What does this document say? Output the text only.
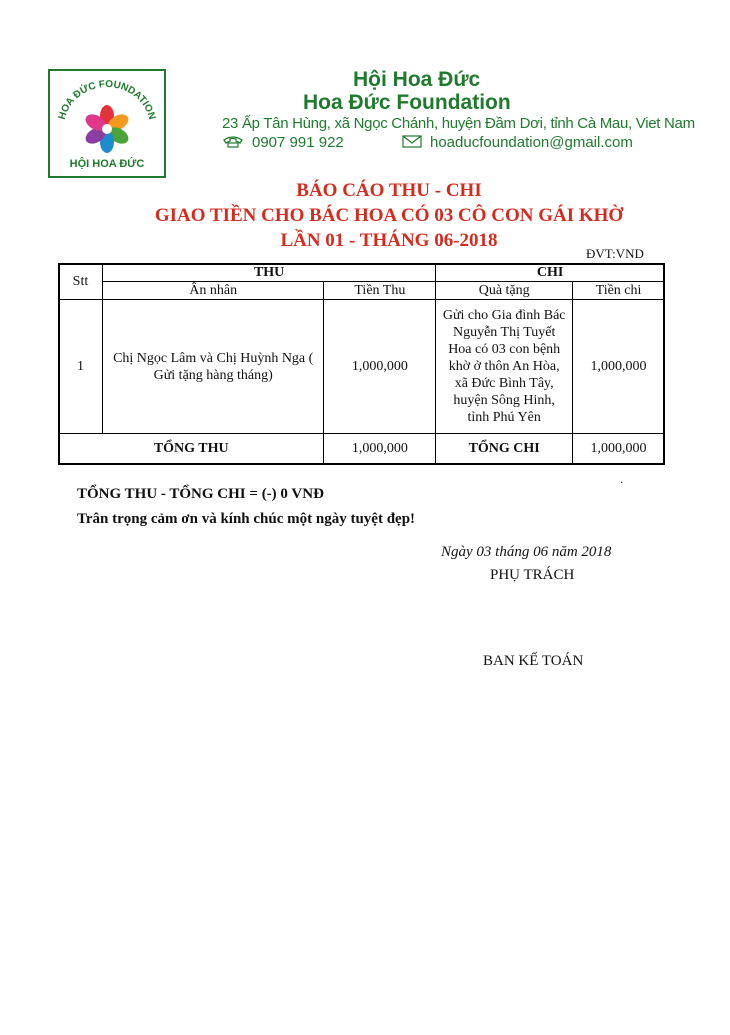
HOA ĐỨC FOUNDATION
HỘI HOA ĐỨC
Hội Hoa Đức
Hoa Đức Foundation
23 Ấp Tân Hùng, xã Ngọc Chánh, huyện Đầm Dơi, tỉnh Cà Mau, Viet Nam
0907 991 922	hoaducfoundation@gmail.com
BÁO CÁO THU - CHI
GIAO TIỀN CHO BÁC HOA CÓ 03 CÔ CON GÁI KHỜ
LẦN 01 - THÁNG 06-2018
ĐVT:VND
Stt	THU		CHI	
	Ân nhân	Tiền Thu	Quà tặng	Tiền chi
1	Chị Ngọc Lâm và Chị Huỳnh Nga ( Gửi tặng hàng tháng)	1,000,000	Gửi cho Gia đình Bác Nguyễn Thị Tuyết Hoa có 03 con bệnh khờ ở thôn An Hòa, xã Đức Bình Tây, huyện Sông Hinh, tỉnh Phú Yên	1,000,000
TỔNG THU		1,000,000	TỔNG CHI	1,000,000
.
TỔNG THU - TỔNG CHI = (-) 0 VNĐ
Trân trọng cảm ơn và kính chúc một ngày tuyệt đẹp!
Ngày 03 tháng 06 năm 2018
PHỤ TRÁCH
BAN KẾ TOÁN
